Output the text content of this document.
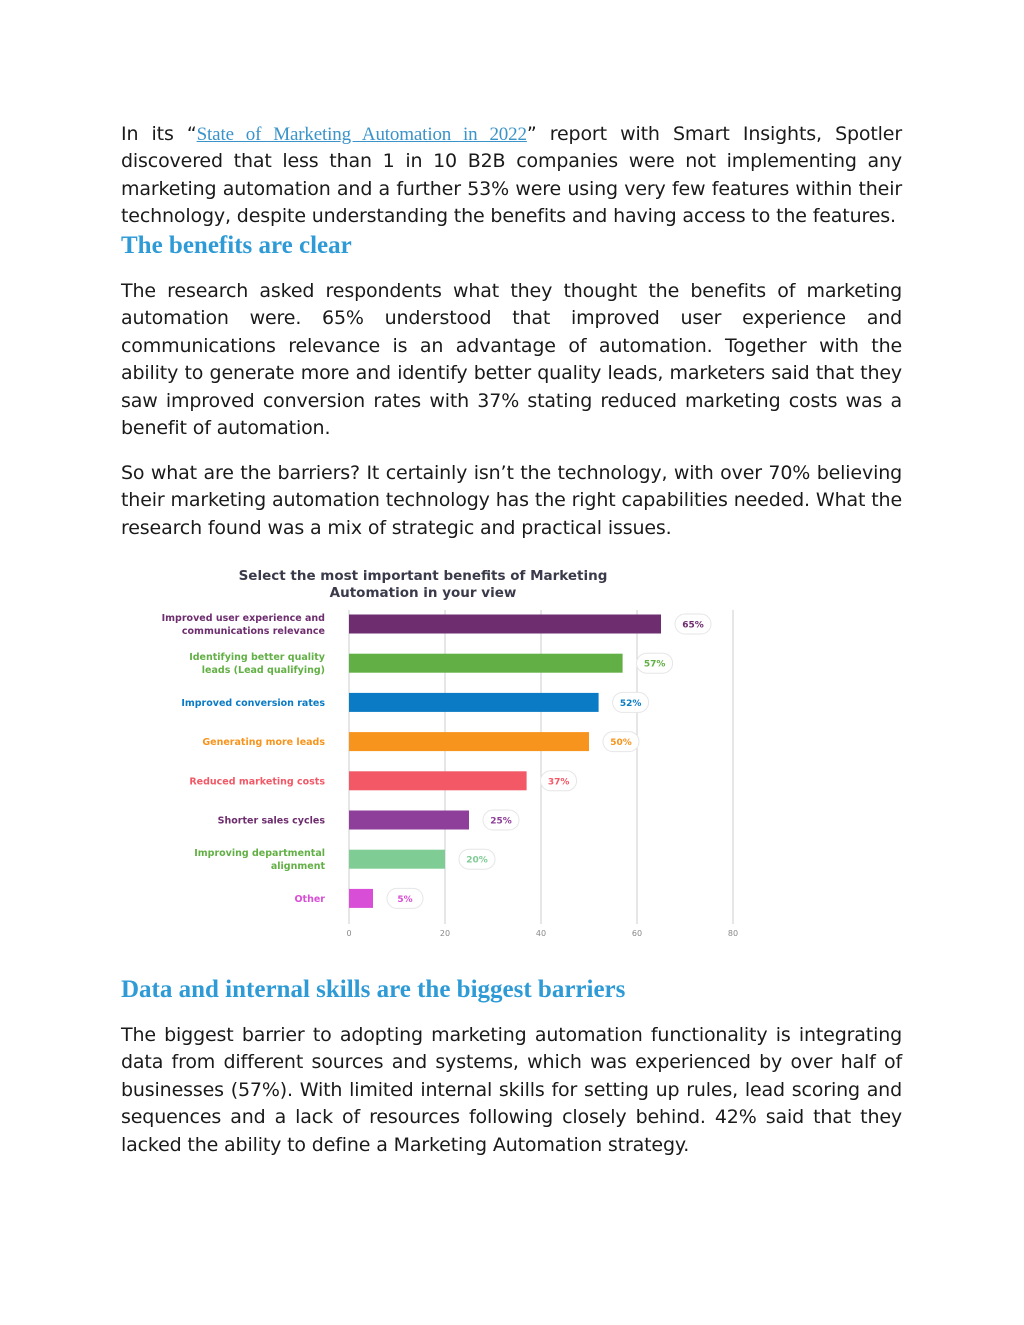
In its “State of Marketing Automation in 2022” report with Smart Insights, Spotler discovered that less than 1 in 10 B2B companies were not implementing any marketing automation and a further 53% were using very few features within their technology, despite understanding the benefits and having access to the features.

The benefits are clear

The research asked respondents what they thought the benefits of marketing automation were. 65% understood that improved user experience and communications relevance is an advantage of automation. Together with the ability to generate more and identify better quality leads, marketers said that they saw improved conversion rates with 37% stating reduced marketing costs was a benefit of automation.

So what are the barriers? It certainly isn’t the technology, with over 70% believing their marketing automation technology has the right capabilities needed. What the research found was a mix of strategic and practical issues.

Select the most important benefits of Marketing
Automation in your view
0	20	40	60	80
Improved user experience and
communications relevance
65%
Identifying better quality
leads (Lead qualifying)
57%
Improved conversion rates	52%
Generating more leads	50%
Reduced marketing costs	37%
Shorter sales cycles	25%
Improving departmental
alignment
20%
Other	5%
Data and internal skills are the biggest barriers

The biggest barrier to adopting marketing automation functionality is integrating data from different sources and systems, which was experienced by over half of businesses (57%). With limited internal skills for setting up rules, lead scoring and sequences and a lack of resources following closely behind. 42% said that they lacked the ability to define a Marketing Automation strategy.
